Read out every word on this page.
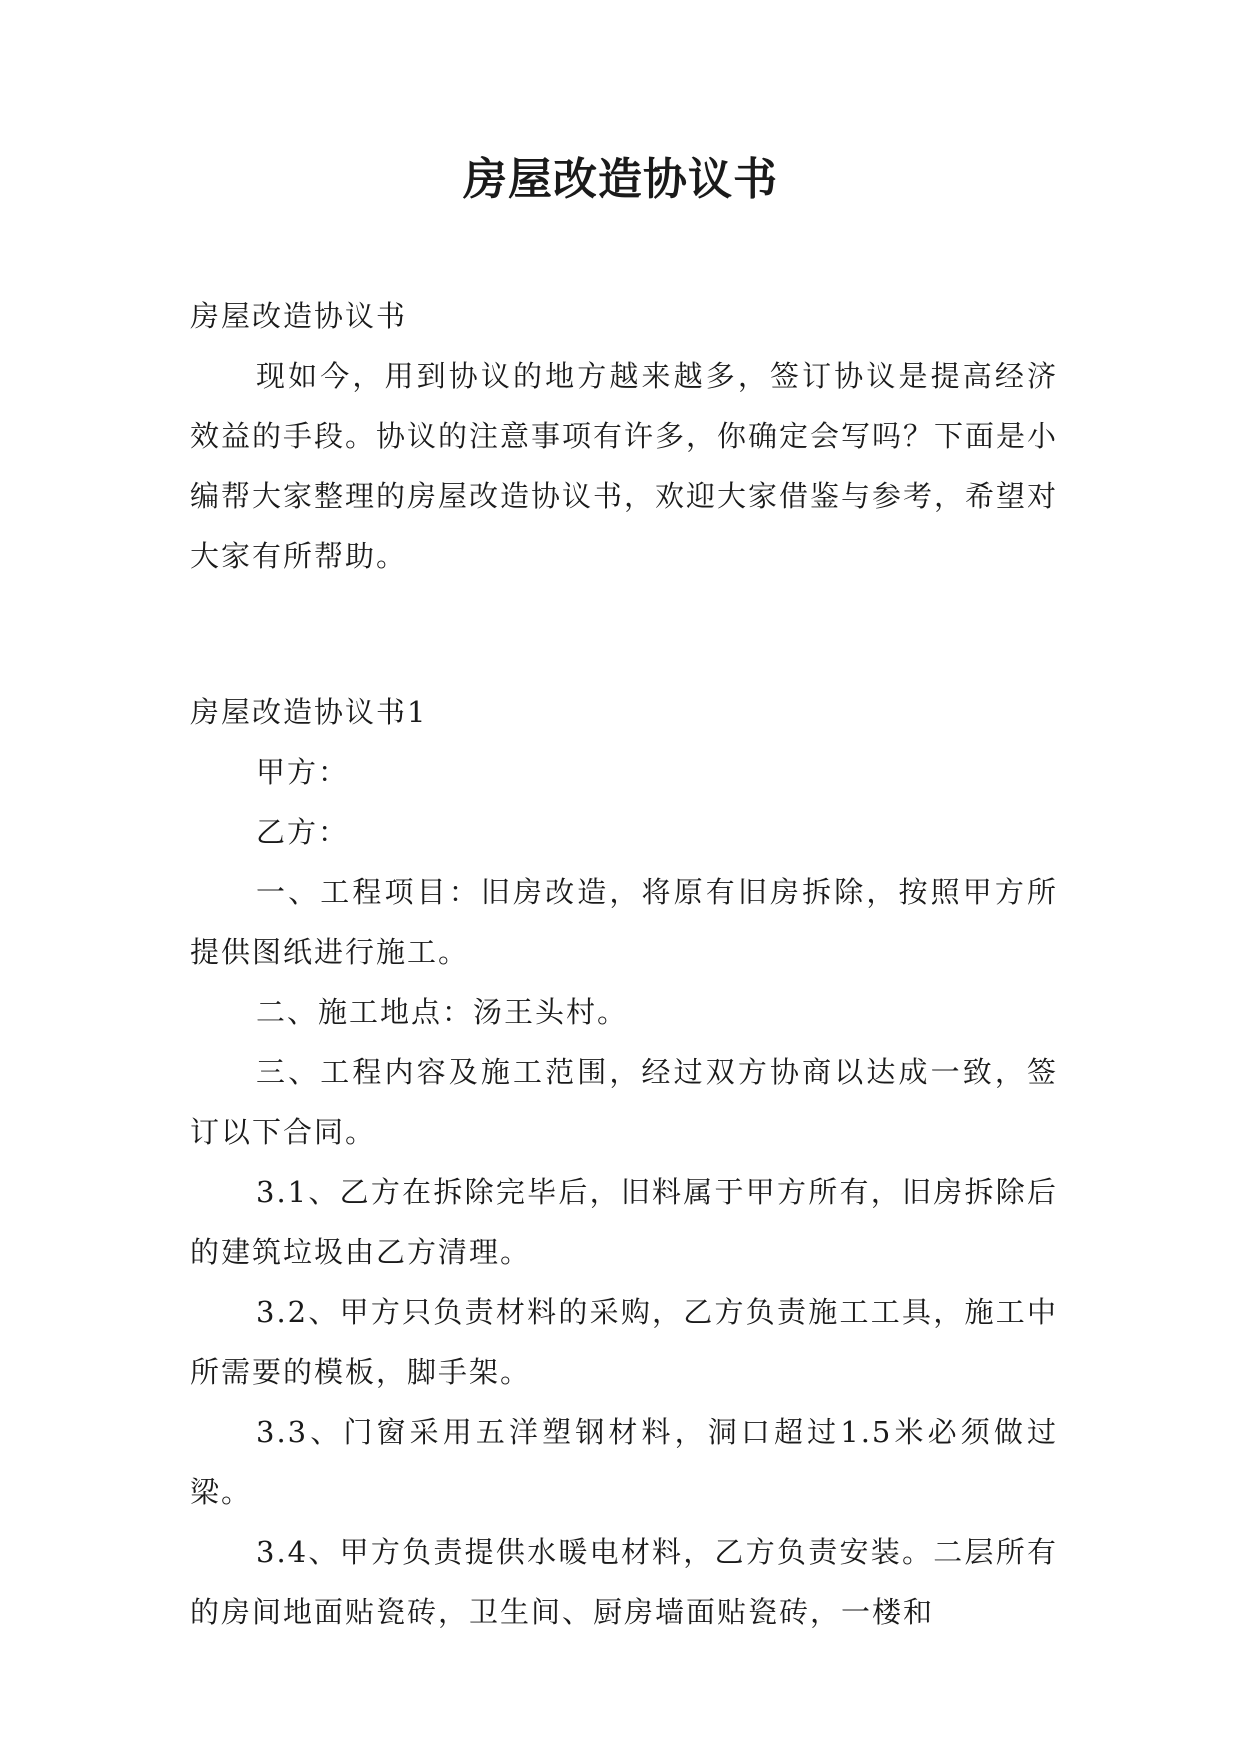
房屋改造协议书

房屋改造协议书

现如今，用到协议的地方越来越多，签订协议是提高经济效益的手段。协议的注意事项有许多，你确定会写吗？下面是小编帮大家整理的房屋改造协议书，欢迎大家借鉴与参考，希望对大家有所帮助。

房屋改造协议书1

甲方：

乙方：

一、工程项目：旧房改造，将原有旧房拆除，按照甲方所提供图纸进行施工。

二、施工地点：汤王头村。

三、工程内容及施工范围，经过双方协商以达成一致，签订以下合同。

3.1、乙方在拆除完毕后，旧料属于甲方所有，旧房拆除后的建筑垃圾由乙方清理。

3.2、甲方只负责材料的采购，乙方负责施工工具，施工中所需要的模板，脚手架。

3.3、门窗采用五洋塑钢材料，洞口超过1.5米必须做过梁。

3.4、甲方负责提供水暖电材料，乙方负责安装。二层所有的房间地面贴瓷砖，卫生间、厨房墙面贴瓷砖，一楼和
